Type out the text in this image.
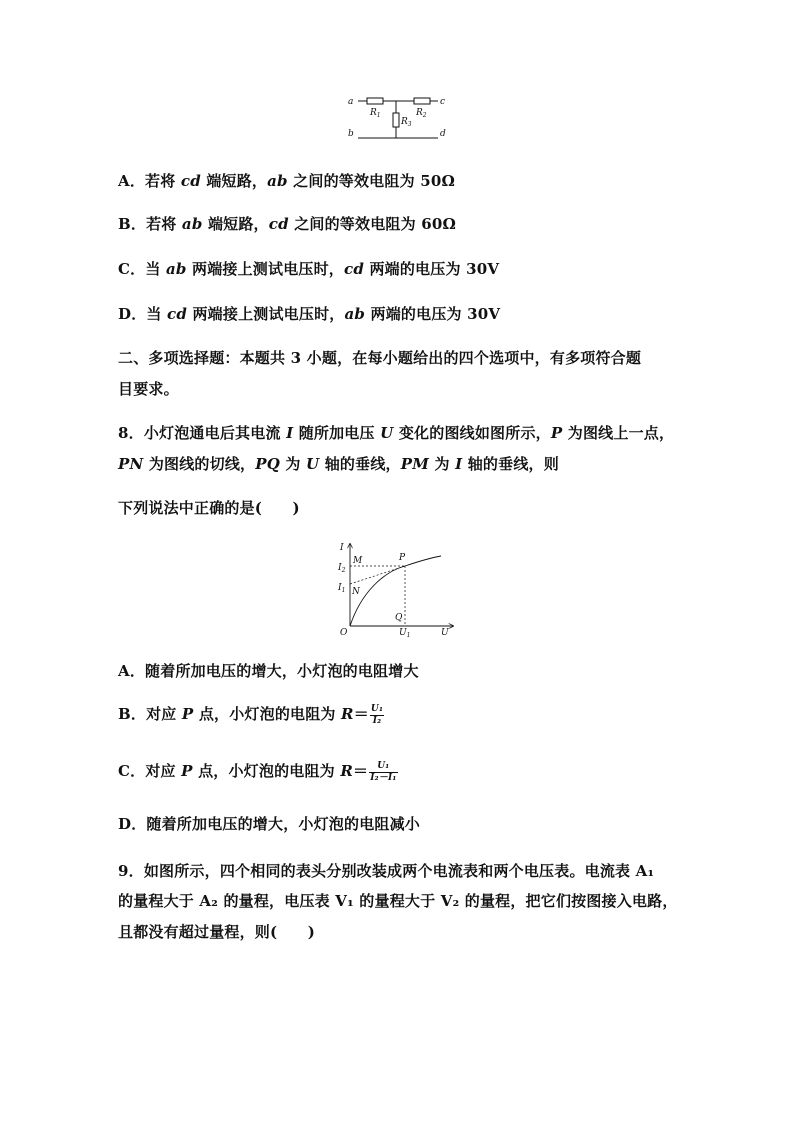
a
b
c
d
$R_1$	$R_2$
$R_3$
A．若将 cd 端短路，ab 之间的等效电阻为 50Ω
B．若将 ab 端短路，cd 之间的等效电阻为 60Ω
C．当 ab 两端接上测试电压时，cd 两端的电压为 30V
D．当 cd 两端接上测试电压时，ab 两端的电压为 30V
二、多项选择题：本题共 3 小题，在每小题给出的四个选项中，有多项符合题
目要求。
8．小灯泡通电后其电流 I 随所加电压 U 变化的图线如图所示，P 为图线上一点，
PN 为图线的切线，PQ 为 U 轴的垂线，PM 为 I 轴的垂线，则
下列说法中正确的是(　　)
I
M	P
$I_2$
$I_1$ N
Q
O	$U_1$	U
A．随着所加电压的增大，小灯泡的电阻增大
B．对应 P 点，小灯泡的电阻为 $R= \frac{\text{U₁}}{\text{I₂}}$
C．对应 P 点，小灯泡的电阻为 $R= \frac{\text{U₁}}{\text{I₂－I₁}}$
D．随着所加电压的增大，小灯泡的电阻减小
9．如图所示，四个相同的表头分别改装成两个电流表和两个电压表。电流表 A₁
的量程大于 A₂ 的量程，电压表 V₁ 的量程大于 V₂ 的量程，把它们按图接入电路，
且都没有超过量程，则(　　)
